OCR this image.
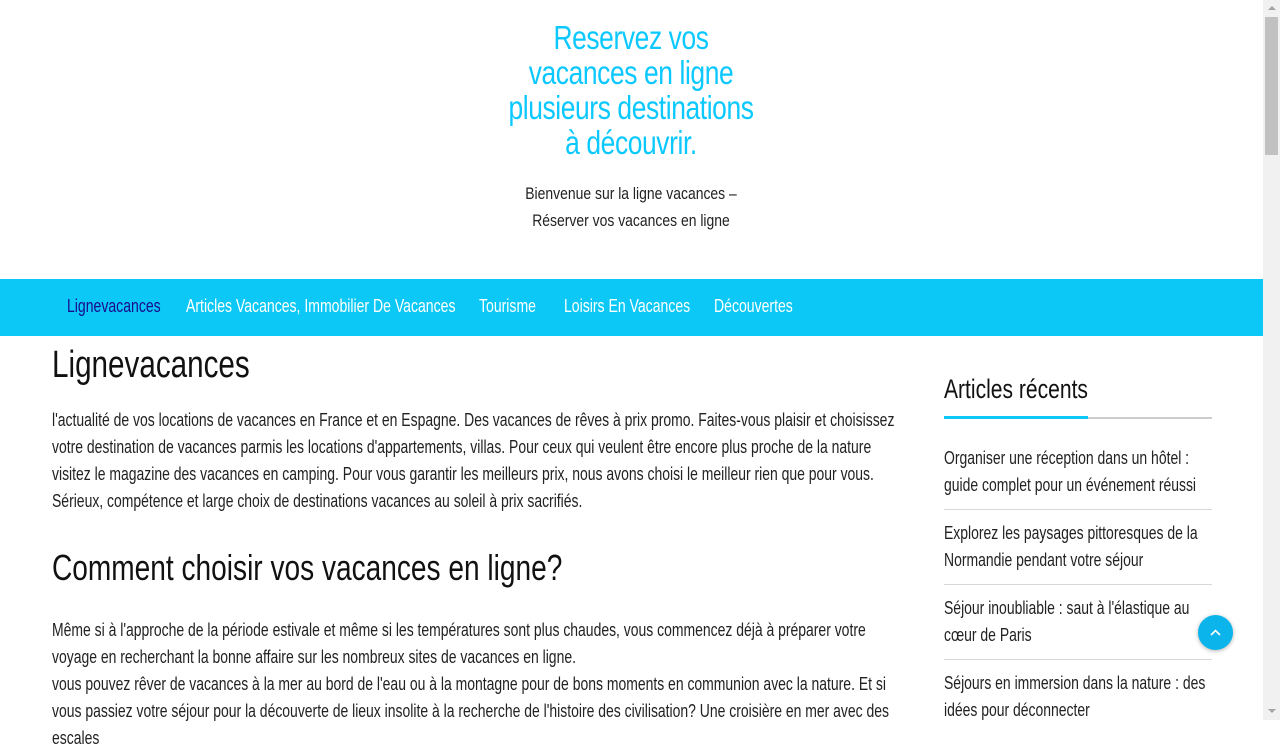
Reservez vos vacances en ligne plusieurs destinations à découvrir.
Bienvenue sur la ligne vacances – Réserver vos vacances en ligne
Lignevacances Articles Vacances, Immobilier De Vacances Tourisme Loisirs En Vacances Découvertes
Lignevacances

l'actualité de vos locations de vacances en France et en Espagne. Des vacances de rêves à prix promo. Faites-vous plaisir et choisissez votre destination de vacances parmis les locations d'appartements, villas. Pour ceux qui veulent être encore plus proche de la nature visitez le magazine des vacances en camping. Pour vous garantir les meilleurs prix, nous avons choisi le meilleur rien que pour vous. Sérieux, compétence et large choix de destinations vacances au soleil à prix sacrifiés.

Comment choisir vos vacances en ligne?

Même si à l'approche de la période estivale et même si les températures sont plus chaudes, vous commencez déjà à préparer votre voyage en recherchant la bonne affaire sur les nombreux sites de vacances en ligne.

vous pouvez rêver de vacances à la mer au bord de l'eau ou à la montagne pour de bons moments en communion avec la nature. Et si vous passiez votre séjour pour la découverte de lieux insolite à la recherche de l'histoire des civilisation? Une croisière en mer avec des escales

Articles récents
Organiser une réception dans un hôtel : guide complet pour un événement réussi
Explorez les paysages pittoresques de la Normandie pendant votre séjour
Séjour inoubliable : saut à l'élastique au cœur de Paris
Séjours en immersion dans la nature : des idées pour déconnecter
